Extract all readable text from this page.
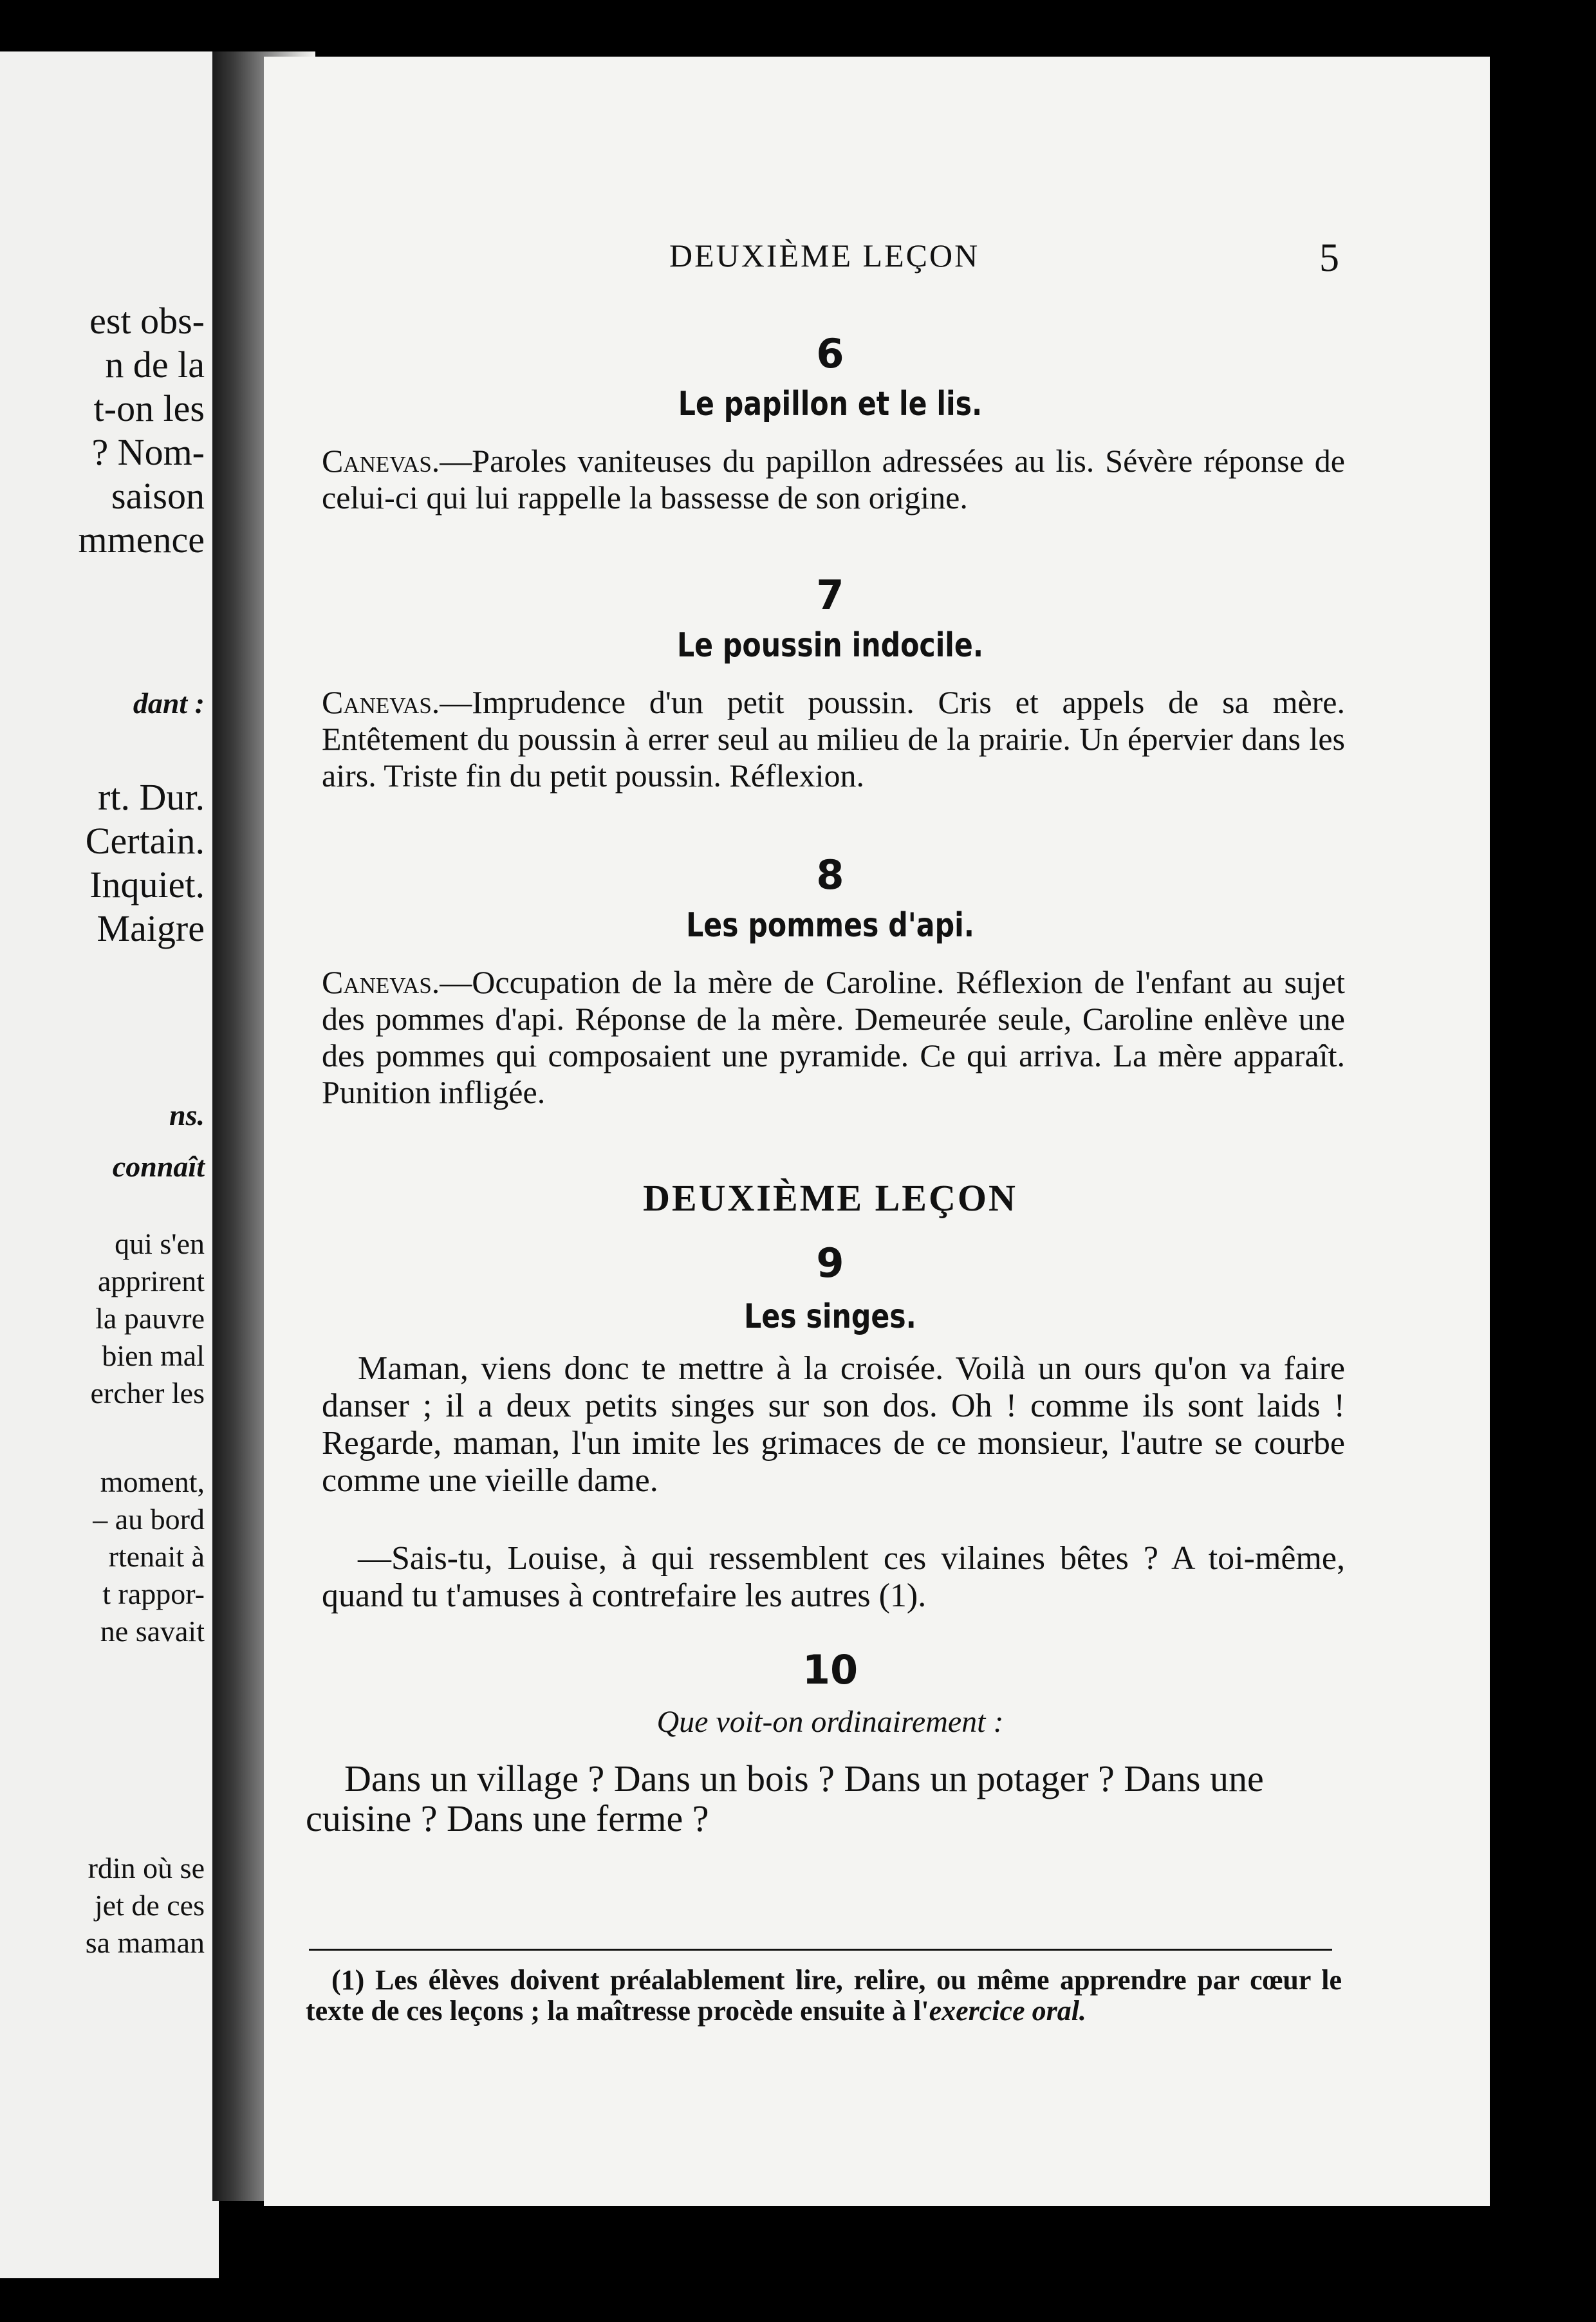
est obs-
n de la
t-on les
? Nom-
saison
mmence
dant :
rt. Dur.
Certain.
Inquiet.
Maigre
ns.
connaît
qui s'en
apprirent
la pauvre
bien mal
ercher les
moment,
– au bord
rtenait à
t rappor-
ne savait
rdin où se
jet de ces
sa maman
DEUXIÈME LEÇON	5
6
Le papillon et le lis.
Canevas.—Paroles vaniteuses du papillon adressées au lis. Sévère réponse de celui-ci qui lui rappelle la bassesse de son origine.
7
Le poussin indocile.
Canevas.—Imprudence d'un petit poussin. Cris et appels de sa mère. Entêtement du poussin à errer seul au milieu de la prairie. Un épervier dans les airs. Triste fin du petit poussin. Réflexion.
8
Les pommes d'api.
Canevas.—Occupation de la mère de Caroline. Réflexion de l'enfant au sujet des pommes d'api. Réponse de la mère. Demeurée seule, Caroline enlève une des pommes qui composaient une pyramide. Ce qui arriva. La mère apparaît. Punition infligée.
DEUXIÈME LEÇON
9
Les singes.
Maman, viens donc te mettre à la croisée. Voilà un ours qu'on va faire danser ; il a deux petits singes sur son dos. Oh ! comme ils sont laids ! Regarde, maman, l'un imite les grimaces de ce monsieur, l'autre se courbe comme une vieille dame.
—Sais-tu, Louise, à qui ressemblent ces vilaines bêtes ? A toi-même, quand tu t'amuses à contrefaire les autres (1).
10
Que voit-on ordinairement :
Dans un village ? Dans un bois ? Dans un potager ? Dans une cuisine ? Dans une ferme ?
(1) Les élèves doivent préalablement lire, relire, ou même apprendre par cœur le texte de ces leçons ; la maîtresse procède ensuite à l'exercice oral.
